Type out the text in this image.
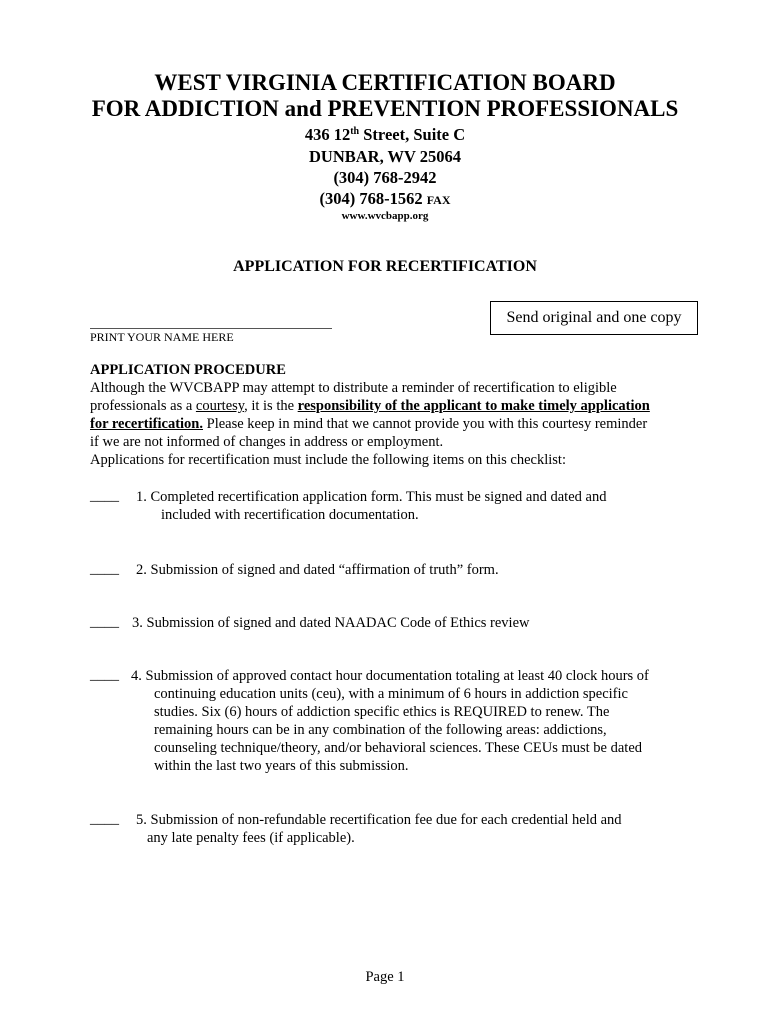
WEST VIRGINIA CERTIFICATION BOARD
FOR ADDICTION and PREVENTION PROFESSIONALS
436 12th Street, Suite C
DUNBAR, WV 25064
(304) 768-2942
(304) 768-1562 FAX
www.wvcbapp.org
APPLICATION FOR RECERTIFICATION
Send original and one copy
PRINT YOUR NAME HERE
APPLICATION PROCEDURE
Although the WVCBAPP may attempt to distribute a reminder of recertification to eligible
professionals as a courtesy, it is the responsibility of the applicant to make timely application
for recertification. Please keep in mind that we cannot provide you with this courtesy reminder
if we are not informed of changes in address or employment.
Applications for recertification must include the following items on this checklist:
____ 1. Completed recertification application form. This must be signed and dated and
included with recertification documentation.
____ 2. Submission of signed and dated “affirmation of truth” form.
____ 3. Submission of signed and dated NAADAC Code of Ethics review
____ 4. Submission of approved contact hour documentation totaling at least 40 clock hours of
continuing education units (ceu), with a minimum of 6 hours in addiction specific
studies. Six (6) hours of addiction specific ethics is REQUIRED to renew. The
remaining hours can be in any combination of the following areas: addictions,
counseling technique/theory, and/or behavioral sciences. These CEUs must be dated
within the last two years of this submission.
____ 5. Submission of non-refundable recertification fee due for each credential held and
any late penalty fees (if applicable).
Page 1
